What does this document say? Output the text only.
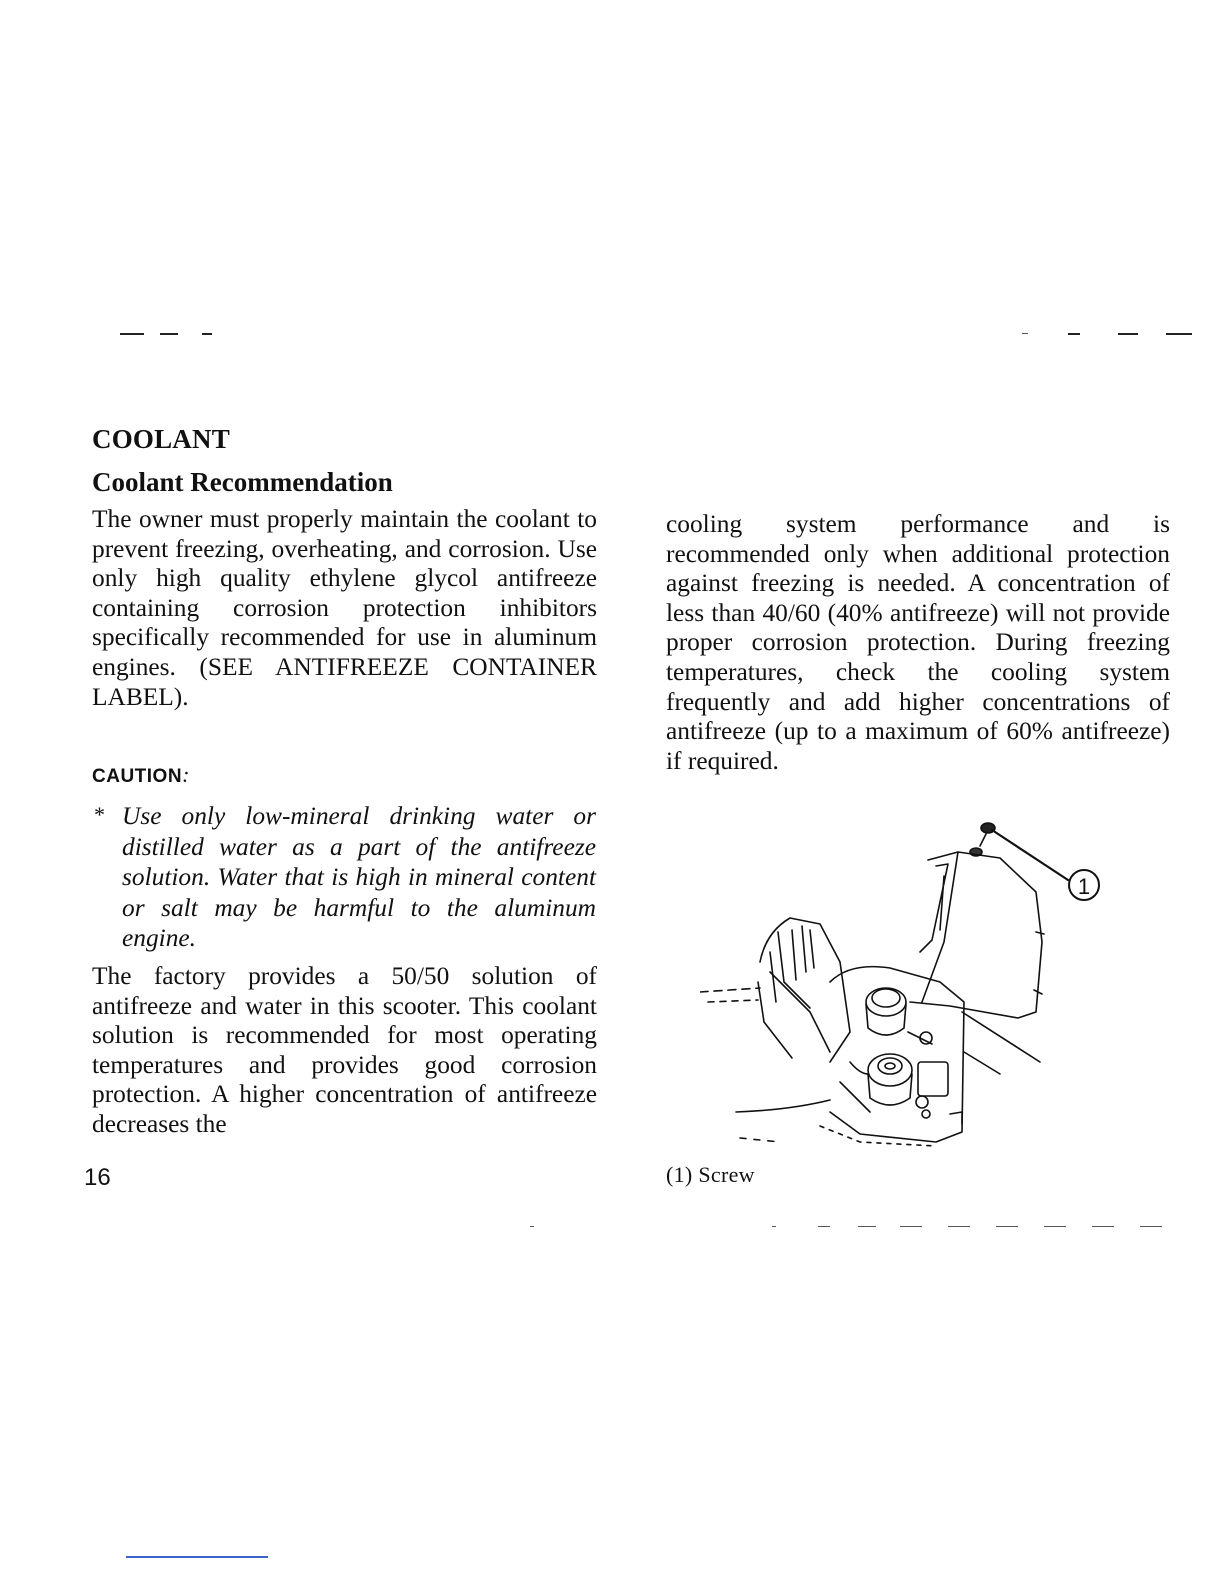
COOLANT
Coolant Recommendation

The owner must properly maintain the coolant to prevent freezing, overheating, and corrosion. Use only high quality ethylene glycol antifreeze containing corrosion protection inhibitors specifically recommended for use in aluminum engines. (SEE ANTIFREEZE CONTAINER LABEL).

CAUTION:
* Use only low-mineral drinking water or distilled water as a part of the antifreeze solution. Water that is high in mineral content or salt may be harmful to the aluminum engine.

The factory provides a 50/50 solution of antifreeze and water in this scooter. This coolant solution is recommended for most operating temperatures and provides good corrosion protection. A higher concentration of antifreeze decreases the

cooling system performance and is recommended only when additional protection against freezing is needed. A concentration of less than 40/60 (40% antifreeze) will not provide proper corrosion protection. During freezing temperatures, check the cooling system frequently and add higher concentrations of antifreeze (up to a maximum of 60% antifreeze) if required.

1
(1) Screw
16
